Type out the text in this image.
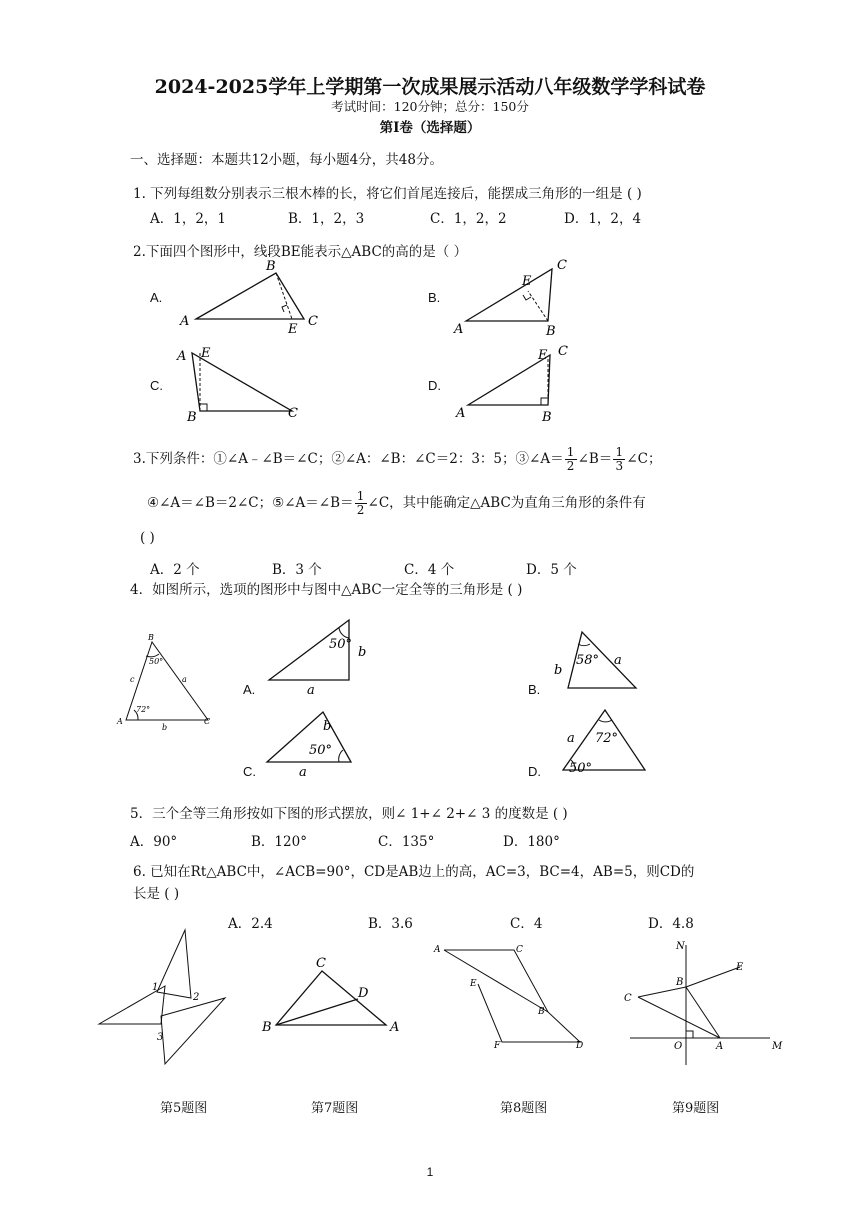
2024-2025学年上学期第一次成果展示活动八年级数学学科试卷
考试时间：120分钟；总分：150分
第Ⅰ卷（选择题）
一、选择题：本题共12小题，每小题4分，共48分。
1. 下列每组数分别表示三根木棒的长，将它们首尾连接后，能摆成三角形的一组是 ( )
A．1，2，1	B．1，2，3	C．1，2，2	D．1，2，4
2.下面四个图形中，线段BE能表示△ABC的高的是（ ）
A.	B.
C.	D.
A
B
C
E	A
C
B
E
A E
B	C	A
E C
B
3.下列条件：①∠A﹣∠B＝∠C；②∠A：∠B：∠C＝2：3：5；③∠A＝ $\frac{1}{2}$ ∠B＝ $\frac{1}{3}$ ∠C；
④∠A＝∠B＝2∠C；⑤∠A＝∠B＝ $\frac{1}{2}$ ∠C，其中能确定△ABC为直角三角形的条件有
( )
A．2 个	B．3 个	C．4 个	D．5 个
4．如图所示，选项的图形中与图中△ABC一定全等的三角形是 ( )
B
50°
c	a
72°
A	C
b
A.
50°
b
a	B.
58°
b
a
C.
50°
b
a	D.
72°
a
50°
5．三个全等三角形按如下图的形式摆放，则∠ 1+∠ 2+∠ 3 的度数是 ( )
A．90°	B．120°	C．135°	D．180°
6. 已知在Rt△ABC中，∠ACB=90°，CD是AB边上的高，AC=3，BC=4，AB=5，则CD的
长是 ( )
A．2.4	B．3.6	C．4	D．4.8
1
2
3
B
C
D
A
A	C
E
B
F	D
N
E
B
C
O	A	M
第5题图	第7题图	第8题图	第9题图
1
